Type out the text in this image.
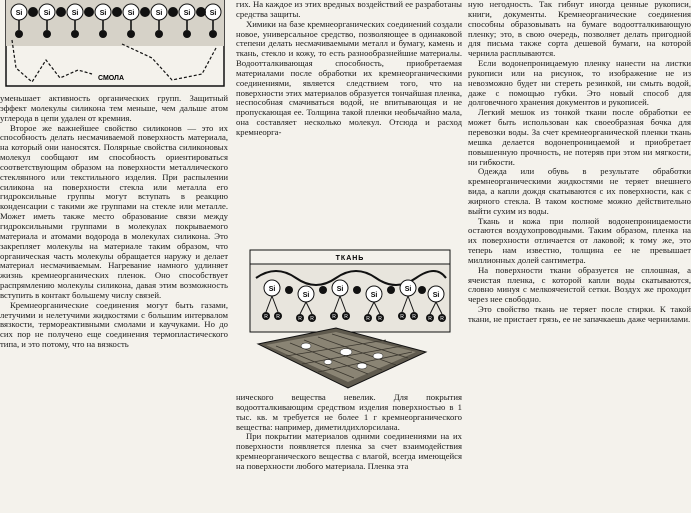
Si	Si	Si	Si	Si	Si	Si	Si
СМОЛА

уменьшает активность органических групп. Защитный эффект молекулы силикона тем меньше, чем дальше атом углерода в цепи удален от кремния.

Второе же важнейшее свойство силиконов — это их способность делать несмачиваемой поверхность материала, на который они наносятся. Полярные свойства силиконовых молекул сообщают им способность ориентироваться соответствующим образом на поверхности металлического стеклянного или текстильного изделия. При распылении силикона на поверхности стекла или металла его гидроксильные группы могут вступать в реакцию конденсации с такими же группами на стекле или металле. Может иметь также место образование связи между гидроксильными группами в молекулах покрываемого материала и атомами водорода в молекулах силикона. Это закрепляет молекулы на материале таким образом, что органическая часть молекулы обращается наружу и делает материал несмачиваемым. Нагревание намного удлиняет жизнь кремнеорганических пленок. Оно способствует распрямлению молекулы силикона, давая этим возможность вступить в контакт большему числу связей.

Кремнеорганические соединения могут быть газами, летучими и нелетучими жидкостями с большим интервалом вязкости, термореактивными смолами и каучуками. Но до сих пор не получено еще соединения термопластического типа, и это потому, что на вязкость

гих. На каждое из этих вредных воздействий ее разработаны средства защиты.

Химики на базе кремнеорганических соединений создали новое, универсальное средство, позволяющее в одинаковой степени делать несмачиваемыми металл и бумагу, камень и ткань, стекло и кожу, то есть разнообразнейшие материалы. Водоотталкивающая способность, приобретаемая материалами после обработки их кремнеорганическими соединениями, является следствием того, что на поверхности этих материалов образуется тончайшая пленка, неспособная смачиваться водой, не впитывающая и не пропускающая ее. Толщина такой пленки необычайно мала, она составляет несколько молекул. Отсюда и расход кремнеорга-

ТКАНЬ
Si
Si
Si
Si
Si
Si
R R	R R	R R	R R	R R R R

нического вещества невелик. Для покрытия водоотталкивающим средством изделия поверхностью в 1 тыс. кв. м требуется не более 1 г кремнеорганического вещества: например, диметилдихлорсилана.

При покрытии материалов одними соединениями на их поверхности появляется пленка за счет взаимодействия кремнеорганического вещества с влагой, всегда имеющейся на поверхности любого материала. Пленка эта

ную негодность. Так гибнут иногда ценные рукописи, книги, документы. Кремнеорганические соединения способны образовывать на бумаге водоотталкивающую пленку; это, в свою очередь, позволяет делать пригодной для письма также сорта дешевой бумаги, на которой чернила расплываются.

Если водонепроницаемую пленку нанести на листки рукописи или на рисунок, то изображение не из невозможно будет ни стереть резинкой, ни смыть водой, даже с помощью губки. Это новый способ для долговечного хранения документов и рукописей.

Легкий мешок из тонкой ткани после обработки ее может быть использован как своеобразная бочка для перевозки воды. За счет кремнеорганической пленки ткань мешка делается водонепроницаемой и приобретает повышенную прочность, не потеряв при этом ни мягкости, ни гибкости.

Одежда или обувь в результате обработки кремнеорганическими жидкостями не теряет внешнего вида, а капли дождя скатываются с их поверхности, как с жирного стекла. В таком костюме можно действительно выйти сухим из воды.

Ткань и кожа при полной водонепроницаемости остаются воздухопроводными. Таким образом, пленка на их поверхности отличается от лаковой; к тому же, это теперь нам известно, толщина ее не превышает миллионных долей сантиметра.

На поверхности ткани образуется не сплошная, а ячеистая пленка, с которой капли воды скатываются, словно минуя с мелкоячеистой сетки. Воздух же проходит через нее свободно.

Это свойство ткань не теряет после стирки. К такой ткани, не пристает грязь, ее не запачкаешь даже чернилами.
